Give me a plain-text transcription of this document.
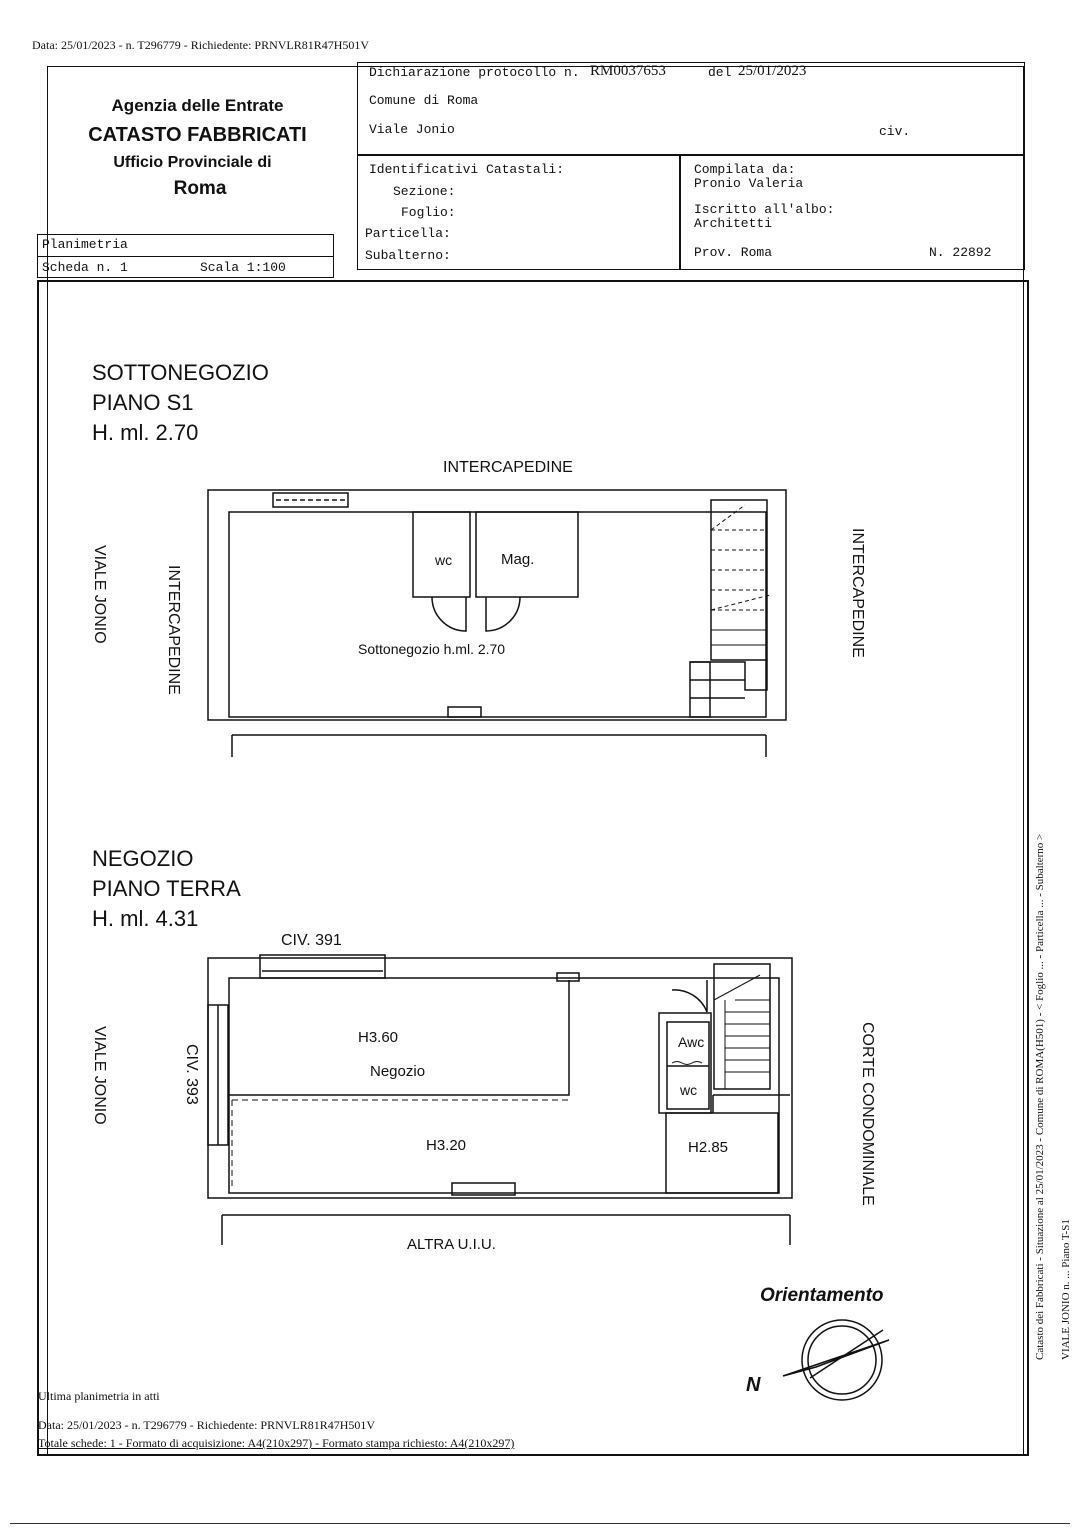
Data: 25/01/2023 - n. T296779 - Richiedente: PRNVLR81R47H501V
Agenzia delle Entrate
CATASTO FABBRICATI
Ufficio Provinciale di
Roma
Dichiarazione protocollo n. RM0037653	del 25/01/2023
Comune di Roma
Viale Jonio	civ.
Identificativi Catastali:
Sezione:
Foglio:
Particella:
Subalterno:
Compilata da:
Pronio Valeria
Iscritto all'albo:
Architetti
Prov. Roma	N. 22892
Planimetria
Scheda n. 1	Scala 1:100
SOTTONEGOZIO
PIANO S1
H. ml. 2.70
INTERCAPEDINE
VIALE JONIO	INTERCAPEDINE	INTERCAPEDINE
wc	Mag.
Sottonegozio h.ml. 2.70
NEGOZIO
PIANO TERRA
H. ml. 4.31
CIV. 391
CIV. 393
VIALE JONIO	CORTE CONDOMINIALE
ALTRA U.I.U.
H3.60
Negozio
H3.20	H2.85
Awc
wc
Orientamento
N
Ultima planimetria in atti
Data: 25/01/2023 - n. T296779 - Richiedente: PRNVLR81R47H501V
Totale schede: 1 - Formato di acquisizione: A4(210x297) - Formato stampa richiesto: A4(210x297)
Catasto dei Fabbricati - Situazione al 25/01/2023 - Comune di ROMA(H501) - < Foglio ... - Particella ... - Subalterno > VIALE JONIO n. ... Piano T-S1
